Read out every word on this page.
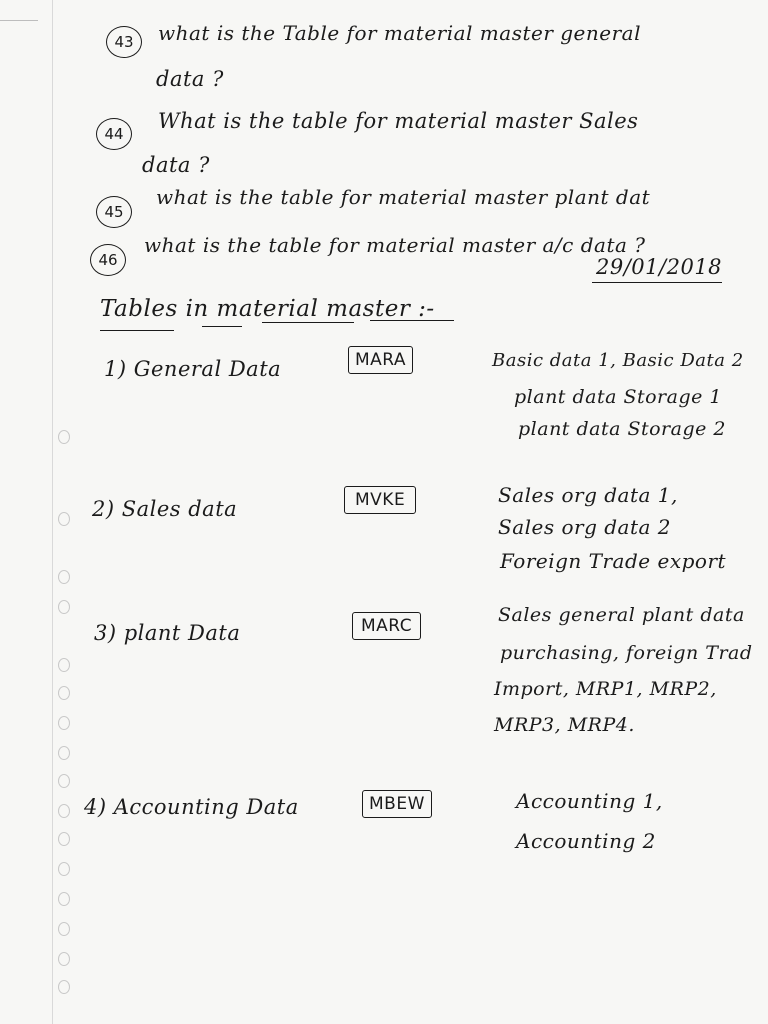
43	what is the Table for material master general
data ?
44
What is the table for material master Sales
data ?
45
what is the table for material master plant dat
46
what is the table for material master a/c data ?
29/01/2018
Tables in material master :-
1) General Data	MARA	Basic data 1, Basic Data 2
plant data Storage 1
plant data Storage 2
2) Sales data	MVKE	Sales org data 1,
Sales org data 2
Foreign Trade export
3) plant Data	MARC	Sales general plant data
purchasing, foreign Trad
Import, MRP1, MRP2,
MRP3, MRP4.
4) Accounting Data	MBEW	Accounting 1,
Accounting 2
